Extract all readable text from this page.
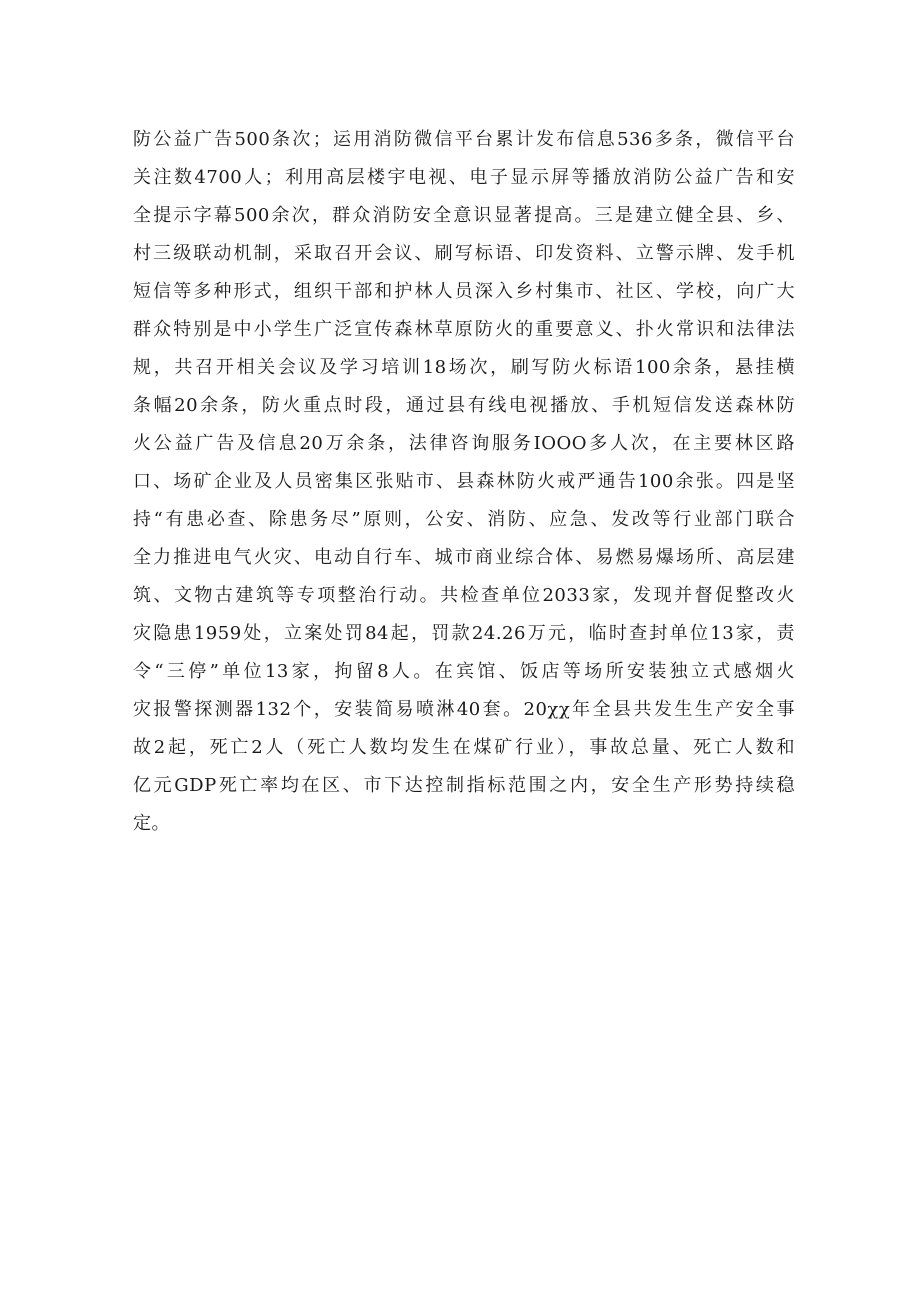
防公益广告500条次；运用消防微信平台累计发布信息536多条，微信平台
关注数4700人；利用高层楼宇电视、电子显示屏等播放消防公益广告和安
全提示字幕500余次，群众消防安全意识显著提高。三是建立健全县、乡、
村三级联动机制，采取召开会议、刷写标语、印发资料、立警示牌、发手机
短信等多种形式，组织干部和护林人员深入乡村集市、社区、学校，向广大
群众特别是中小学生广泛宣传森林草原防火的重要意义、扑火常识和法律法
规，共召开相关会议及学习培训18场次，刷写防火标语100余条，悬挂横
条幅20余条，防火重点时段，通过县有线电视播放、手机短信发送森林防
火公益广告及信息20万余条，法律咨询服务IOOO多人次，在主要林区路
口、场矿企业及人员密集区张贴市、县森林防火戒严通告100余张。四是坚
持“有患必查、除患务尽”原则，公安、消防、应急、发改等行业部门联合
全力推进电气火灾、电动自行车、城市商业综合体、易燃易爆场所、高层建
筑、文物古建筑等专项整治行动。共检查单位2033家，发现并督促整改火
灾隐患1959处，立案处罚84起，罚款24.26万元，临时查封单位13家，责
令“三停”单位13家，拘留8人。在宾馆、饭店等场所安装独立式感烟火
灾报警探测器132个，安装简易喷淋40套。20χχ年全县共发生生产安全事
故2起，死亡2人（死亡人数均发生在煤矿行业），事故总量、死亡人数和
亿元GDP死亡率均在区、市下达控制指标范围之内，安全生产形势持续稳
定。
